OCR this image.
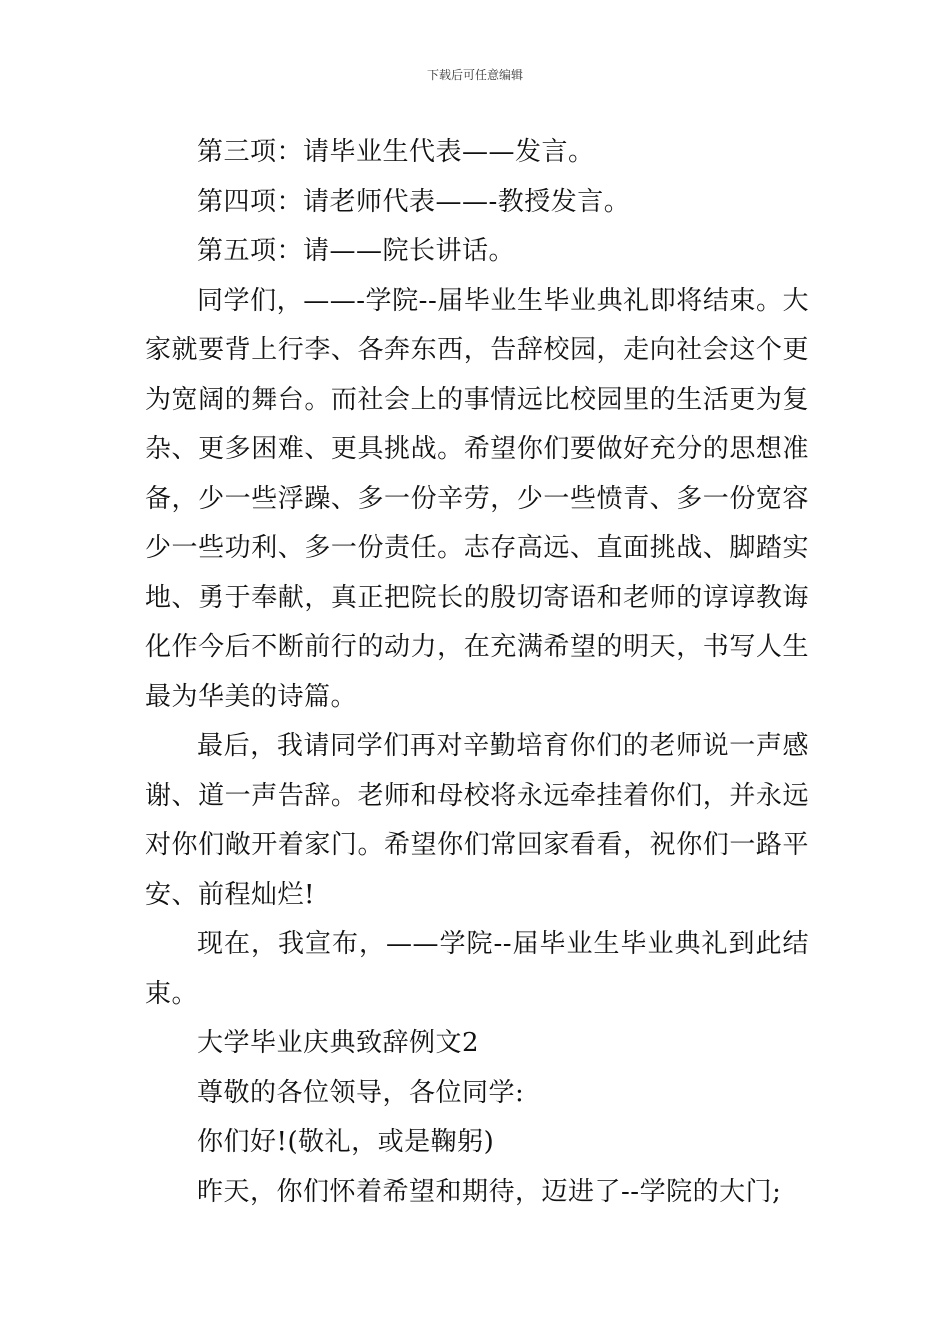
下载后可任意编辑

第三项：请毕业生代表——发言。

第四项：请老师代表——-教授发言。

第五项：请——院长讲话。

同学们，——-学院--届毕业生毕业典礼即将结束。大家就要背上行李、各奔东西，告辞校园，走向社会这个更为宽阔的舞台。而社会上的事情远比校园里的生活更为复杂、更多困难、更具挑战。希望你们要做好充分的思想准备，少一些浮躁、多一份辛劳，少一些愤青、多一份宽容少一些功利、多一份责任。志存高远、直面挑战、脚踏实地、勇于奉献，真正把院长的殷切寄语和老师的谆谆教诲化作今后不断前行的动力，在充满希望的明天，书写人生最为华美的诗篇。

最后，我请同学们再对辛勤培育你们的老师说一声感谢、道一声告辞。老师和母校将永远牵挂着你们，并永远对你们敞开着家门。希望你们常回家看看，祝你们一路平安、前程灿烂!

现在，我宣布，——学院--届毕业生毕业典礼到此结束。

大学毕业庆典致辞例文2

尊敬的各位领导，各位同学:

你们好!(敬礼，或是鞠躬)

昨天，你们怀着希望和期待，迈进了--学院的大门;
